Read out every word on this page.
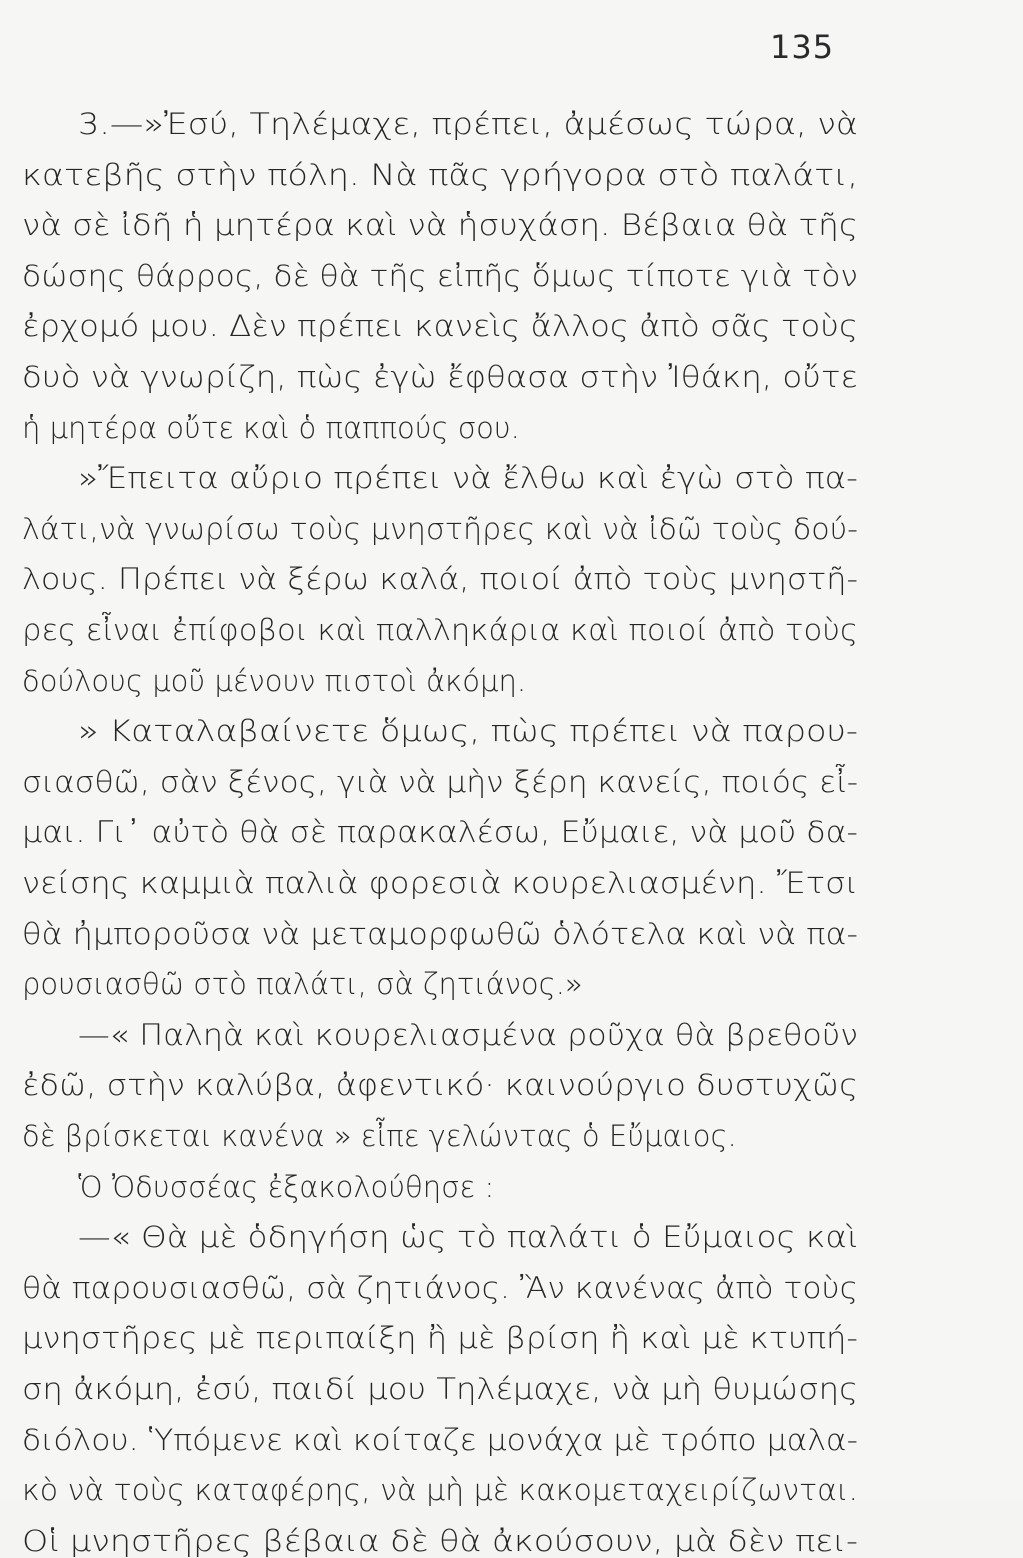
135
3.—»Ἐσύ, Τηλέμαχε, πρέπει, ἀμέσως τώρα, νὰ
κατεβῆς στὴν πόλη. Νὰ πᾶς γρήγορα στὸ παλάτι,
νὰ σὲ ἰδῆ ἡ μητέρα καὶ νὰ ἡσυχάση. Βέβαια θὰ τῆς
δώσης θάρρος, δὲ θὰ τῆς εἰπῆς ὅμως τίποτε γιὰ τὸν
ἐρχομό μου. Δὲν πρέπει κανεὶς ἄλλος ἀπὸ σᾶς τοὺς
δυὸ νὰ γνωρίζη, πὼς ἐγὼ ἔφθασα στὴν Ἰθάκη, οὔτε
ἡ μητέρα οὔτε καὶ ὁ παππούς σου.
»Ἔπειτα αὔριο πρέπει νὰ ἔλθω καὶ ἐγὼ στὸ πα-
λάτι,νὰ γνωρίσω τοὺς μνηστῆρες καὶ νὰ ἰδῶ τοὺς δού-
λους. Πρέπει νὰ ξέρω καλά, ποιοί ἀπὸ τοὺς μνηστῆ-
ρες εἶναι ἐπίφοβοι καὶ παλληκάρια καὶ ποιοί ἀπὸ τοὺς
δούλους μοῦ μένουν πιστοὶ ἀκόμη.
» Καταλαβαίνετε ὅμως, πὼς πρέπει νὰ παρου-
σιασθῶ, σὰν ξένος, γιὰ νὰ μὴν ξέρη κανείς, ποιός εἶ-
μαι. Γι᾽ αὐτὸ θὰ σὲ παρακαλέσω, Εὔμαιε, νὰ μοῦ δα-
νείσης καμμιὰ παλιὰ φορεσιὰ κουρελιασμένη. Ἔτσι
θὰ ἠμποροῦσα νὰ μεταμορφωθῶ ὁλότελα καὶ νὰ πα-
ρουσιασθῶ στὸ παλάτι, σὰ ζητιάνος.»
—« Παληὰ καὶ κουρελιασμένα ροῦχα θὰ βρεθοῦν
ἐδῶ, στὴν καλύβα, ἀφεντικό· καινούργιο δυστυχῶς
δὲ βρίσκεται κανένα » εἶπε γελώντας ὁ Εὔμαιος.
Ὁ Ὀδυσσέας ἐξακολούθησε :
—« Θὰ μὲ ὁδηγήση ὡς τὸ παλάτι ὁ Εὔμαιος καὶ
θὰ παρουσιασθῶ, σὰ ζητιάνος. Ἂν κανένας ἀπὸ τοὺς
μνηστῆρες μὲ περιπαίξη ἢ μὲ βρίση ἢ καὶ μὲ κτυπή-
ση ἀκόμη, ἐσύ, παιδί μου Τηλέμαχε, νὰ μὴ θυμώσης
διόλου. Ὑπόμενε καὶ κοίταζε μονάχα μὲ τρόπο μαλα-
κὸ νὰ τοὺς καταφέρης, νὰ μὴ μὲ κακομεταχειρίζωνται.
Οἱ μνηστῆρες βέβαια δὲ θὰ ἀκούσουν, μὰ δὲν πει-
